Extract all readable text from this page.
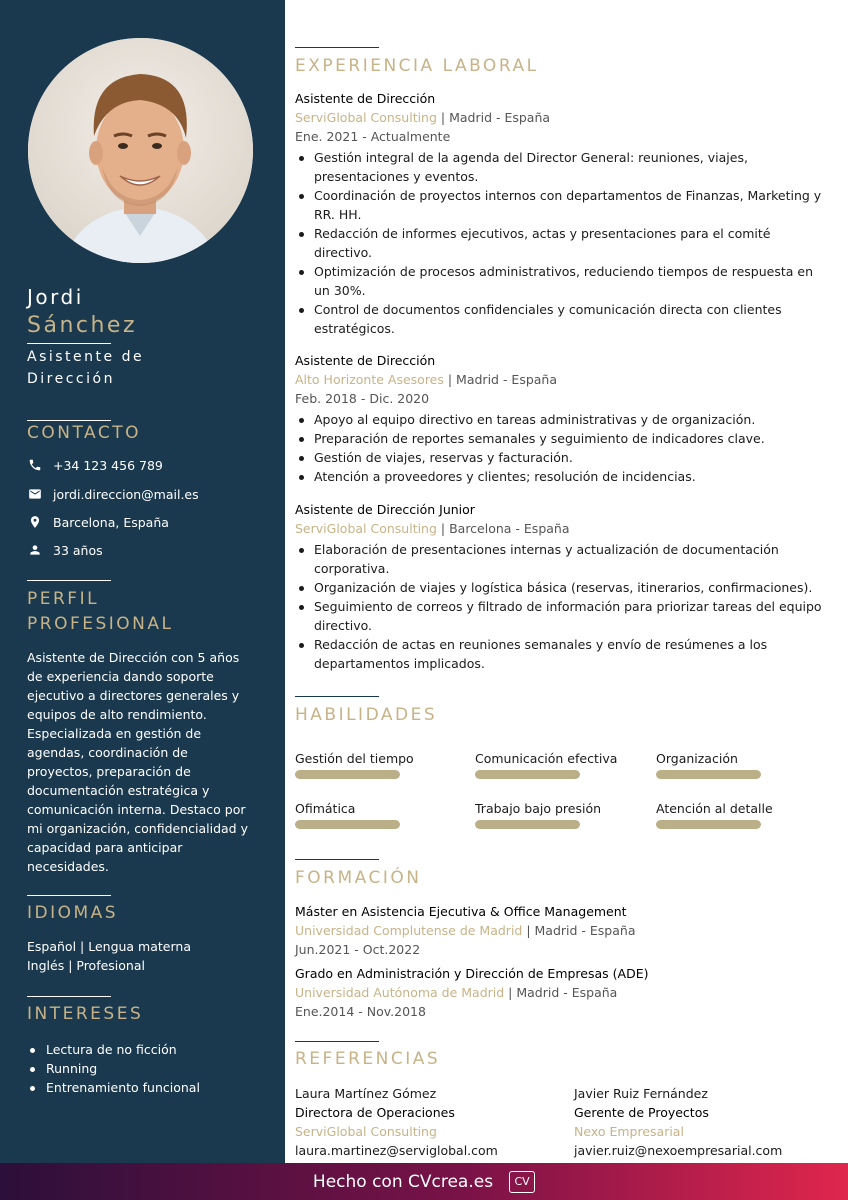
Jordi
Sánchez
Asistente de Dirección
CONTACTO
+34 123 456 789
jordi.direccion@mail.es
Barcelona, España
33 años
PERFIL PROFESIONAL

Asistente de Dirección con 5 años de experiencia dando soporte ejecutivo a directores generales y equipos de alto rendimiento. Especializada en gestión de agendas, coordinación de proyectos, preparación de documentación estratégica y comunicación interna. Destaco por mi organización, confidencialidad y capacidad para anticipar necesidades.

IDIOMAS
Español | Lengua materna
Inglés | Profesional
INTERESES
Lectura de no ficción
Running
Entrenamiento funcional
EXPERIENCIA LABORAL
Asistente de Dirección
ServiGlobal Consulting | Madrid - España
Ene. 2021 - Actualmente
Gestión integral de la agenda del Director General: reuniones, viajes, presentaciones y eventos.
Coordinación de proyectos internos con departamentos de Finanzas, Marketing y RR. HH.
Redacción de informes ejecutivos, actas y presentaciones para el comité directivo.
Optimización de procesos administrativos, reduciendo tiempos de respuesta en un 30%.
Control de documentos confidenciales y comunicación directa con clientes estratégicos.
Asistente de Dirección
Alto Horizonte Asesores | Madrid - España
Feb. 2018 - Dic. 2020
Apoyo al equipo directivo en tareas administrativas y de organización.
Preparación de reportes semanales y seguimiento de indicadores clave.
Gestión de viajes, reservas y facturación.
Atención a proveedores y clientes; resolución de incidencias.
Asistente de Dirección Junior
ServiGlobal Consulting | Barcelona - España
Elaboración de presentaciones internas y actualización de documentación corporativa.
Organización de viajes y logística básica (reservas, itinerarios, confirmaciones).
Seguimiento de correos y filtrado de información para priorizar tareas del equipo directivo.
Redacción de actas en reuniones semanales y envío de resúmenes a los departamentos implicados.
HABILIDADES
Gestión del tiempo	Comunicación efectiva	Organización
Ofimática	Trabajo bajo presión	Atención al detalle
FORMACIÓN
Máster en Asistencia Ejecutiva & Office Management
Universidad Complutense de Madrid | Madrid - España
Jun.2021 - Oct.2022
Grado en Administración y Dirección de Empresas (ADE)
Universidad Autónoma de Madrid | Madrid - España
Ene.2014 - Nov.2018
REFERENCIAS
Laura Martínez Gómez
Directora de Operaciones
ServiGlobal Consulting
laura.martinez@serviglobal.com
Javier Ruiz Fernández
Gerente de Proyectos
Nexo Empresarial
javier.ruiz@nexoempresarial.com
Hecho con CVcrea.es	CV
